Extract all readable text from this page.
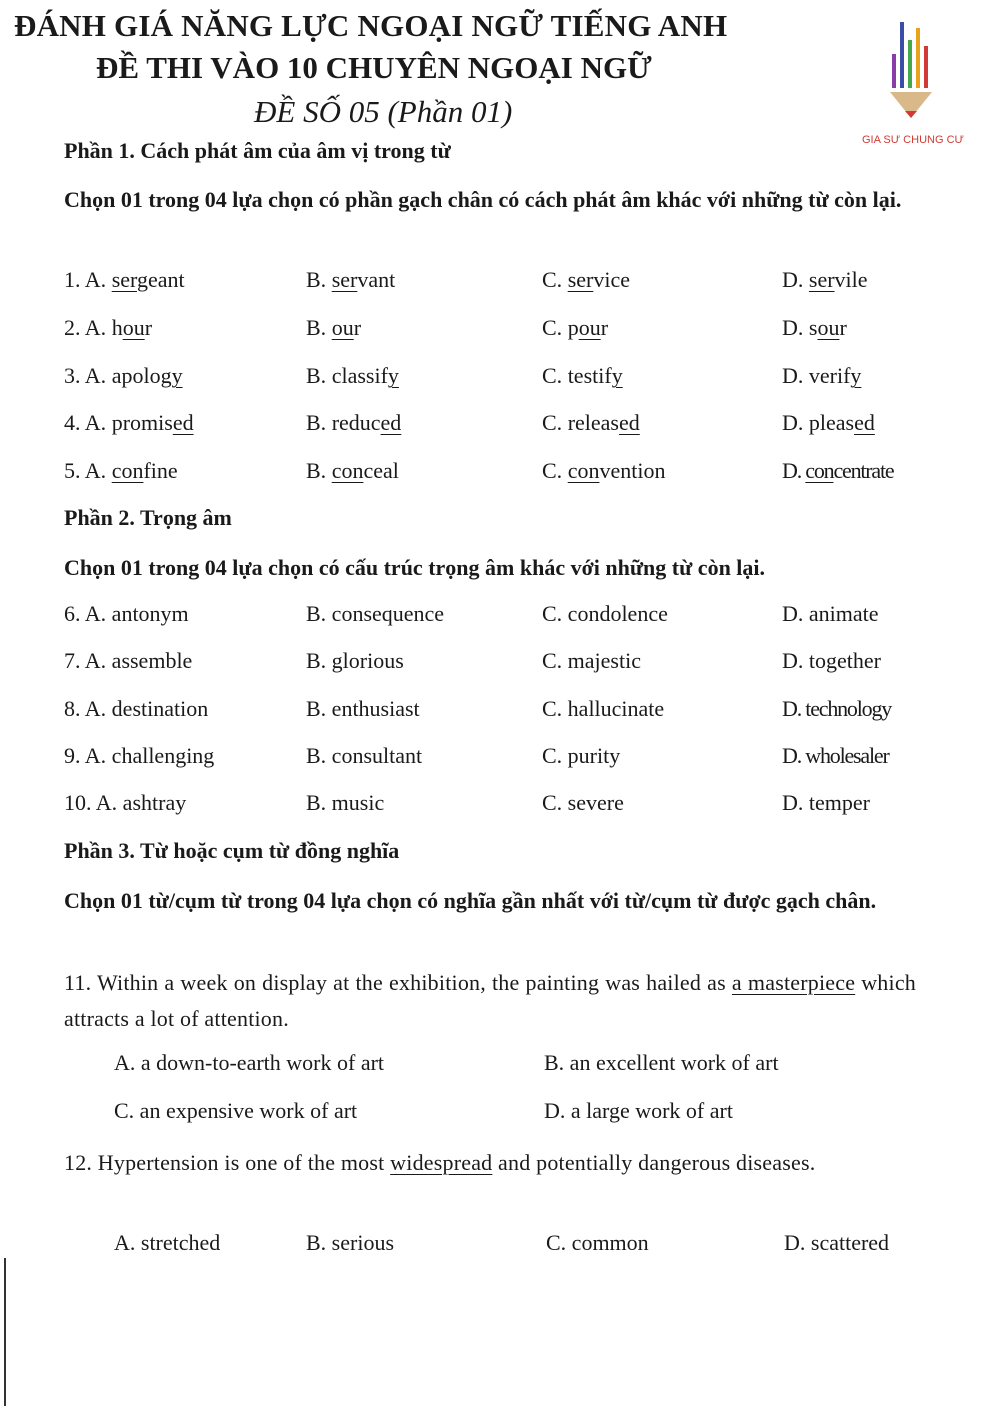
ĐÁNH GIÁ NĂNG LỰC NGOẠI NGỮ TIẾNG ANH
ĐỀ THI VÀO 10 CHUYÊN NGOẠI NGỮ
ĐỀ SỐ 05 (Phần 01)
GIA SƯ CHUNG CƯ
Phần 1. Cách phát âm của âm vị trong từ
Chọn 01 trong 04 lựa chọn có phần gạch chân có cách phát âm khác với những từ còn lại.
1. A. sergeant	B. servant	C. service	D. servile
2. A. hour	B. our	C. pour	D. sour
3. A. apology	B. classify	C. testify	D. verify
4. A. promised	B. reduced	C. released	D. pleased
5. A. confine	B. conceal	C. convention	D. concentrate
Phần 2. Trọng âm
Chọn 01 trong 04 lựa chọn có cấu trúc trọng âm khác với những từ còn lại.
6. A. antonym	B. consequence	C. condolence	D. animate
7. A. assemble	B. glorious	C. majestic	D. together
8. A. destination	B. enthusiast	C. hallucinate	D. technology
9. A. challenging	B. consultant	C. purity	D. wholesaler
10. A. ashtray	B. music	C. severe	D. temper
Phần 3. Từ hoặc cụm từ đồng nghĩa
Chọn 01 từ/cụm từ trong 04 lựa chọn có nghĩa gần nhất với từ/cụm từ được gạch chân.
11. Within a week on display at the exhibition, the painting was hailed as a masterpiece which attracts a lot of attention.
A. a down-to-earth work of art	B. an excellent work of art
C. an expensive work of art	D. a large work of art
12. Hypertension is one of the most widespread and potentially dangerous diseases.
A. stretched	B. serious	C. common	D. scattered
